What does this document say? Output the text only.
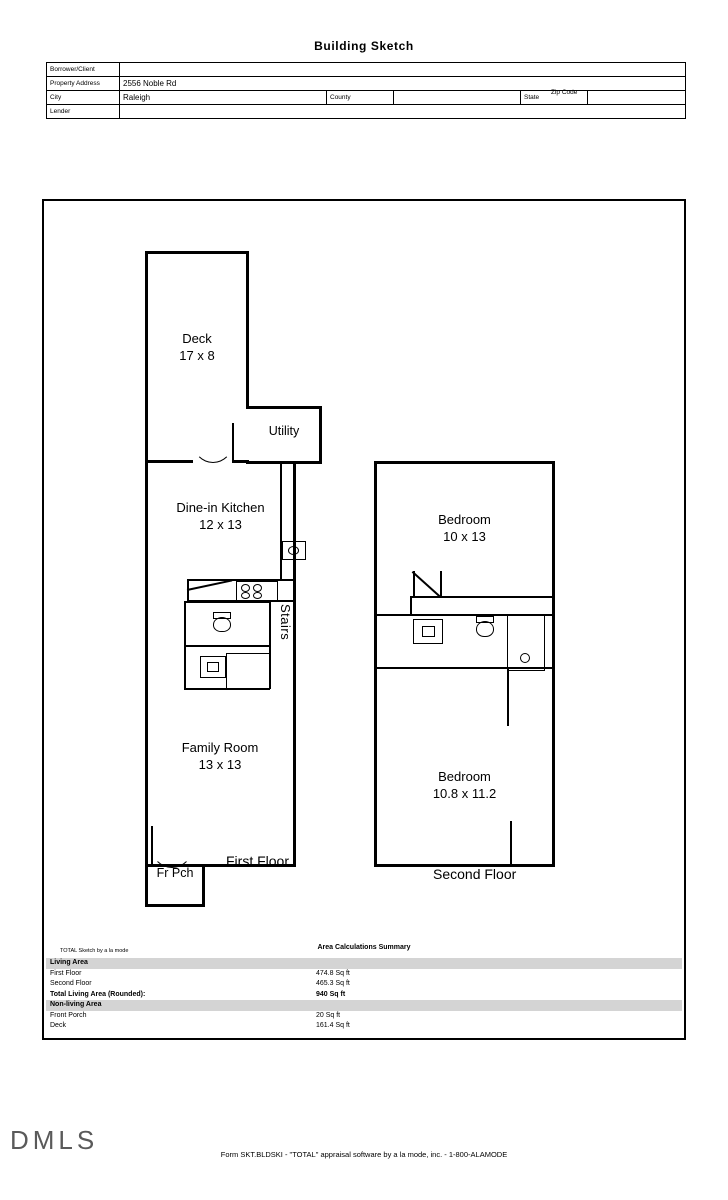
Building Sketch
Borrower/Client					
Property Address	2556 Noble Rd				
City	Raleigh	County		State	
Lender					
Zip Code
Deck
17 x 8
Utility
Dine-in Kitchen
12 x 13
Stairs
Family Room
13 x 13
Fr Pch
First Floor
Bedroom
10 x 13
Bedroom
10.8 x 11.2
Second Floor
TOTAL Sketch by a la mode	Area Calculations Summary
Living Area		
First Floor	474.8 Sq ft	
Second Floor	465.3 Sq ft	
Total Living Area (Rounded):	940 Sq ft	
Non-living Area		
Front Porch	20 Sq ft	
Deck	161.4 Sq ft	
DMLS	Form SKT.BLDSKI - "TOTAL" appraisal software by a la mode, inc. - 1-800-ALAMODE
